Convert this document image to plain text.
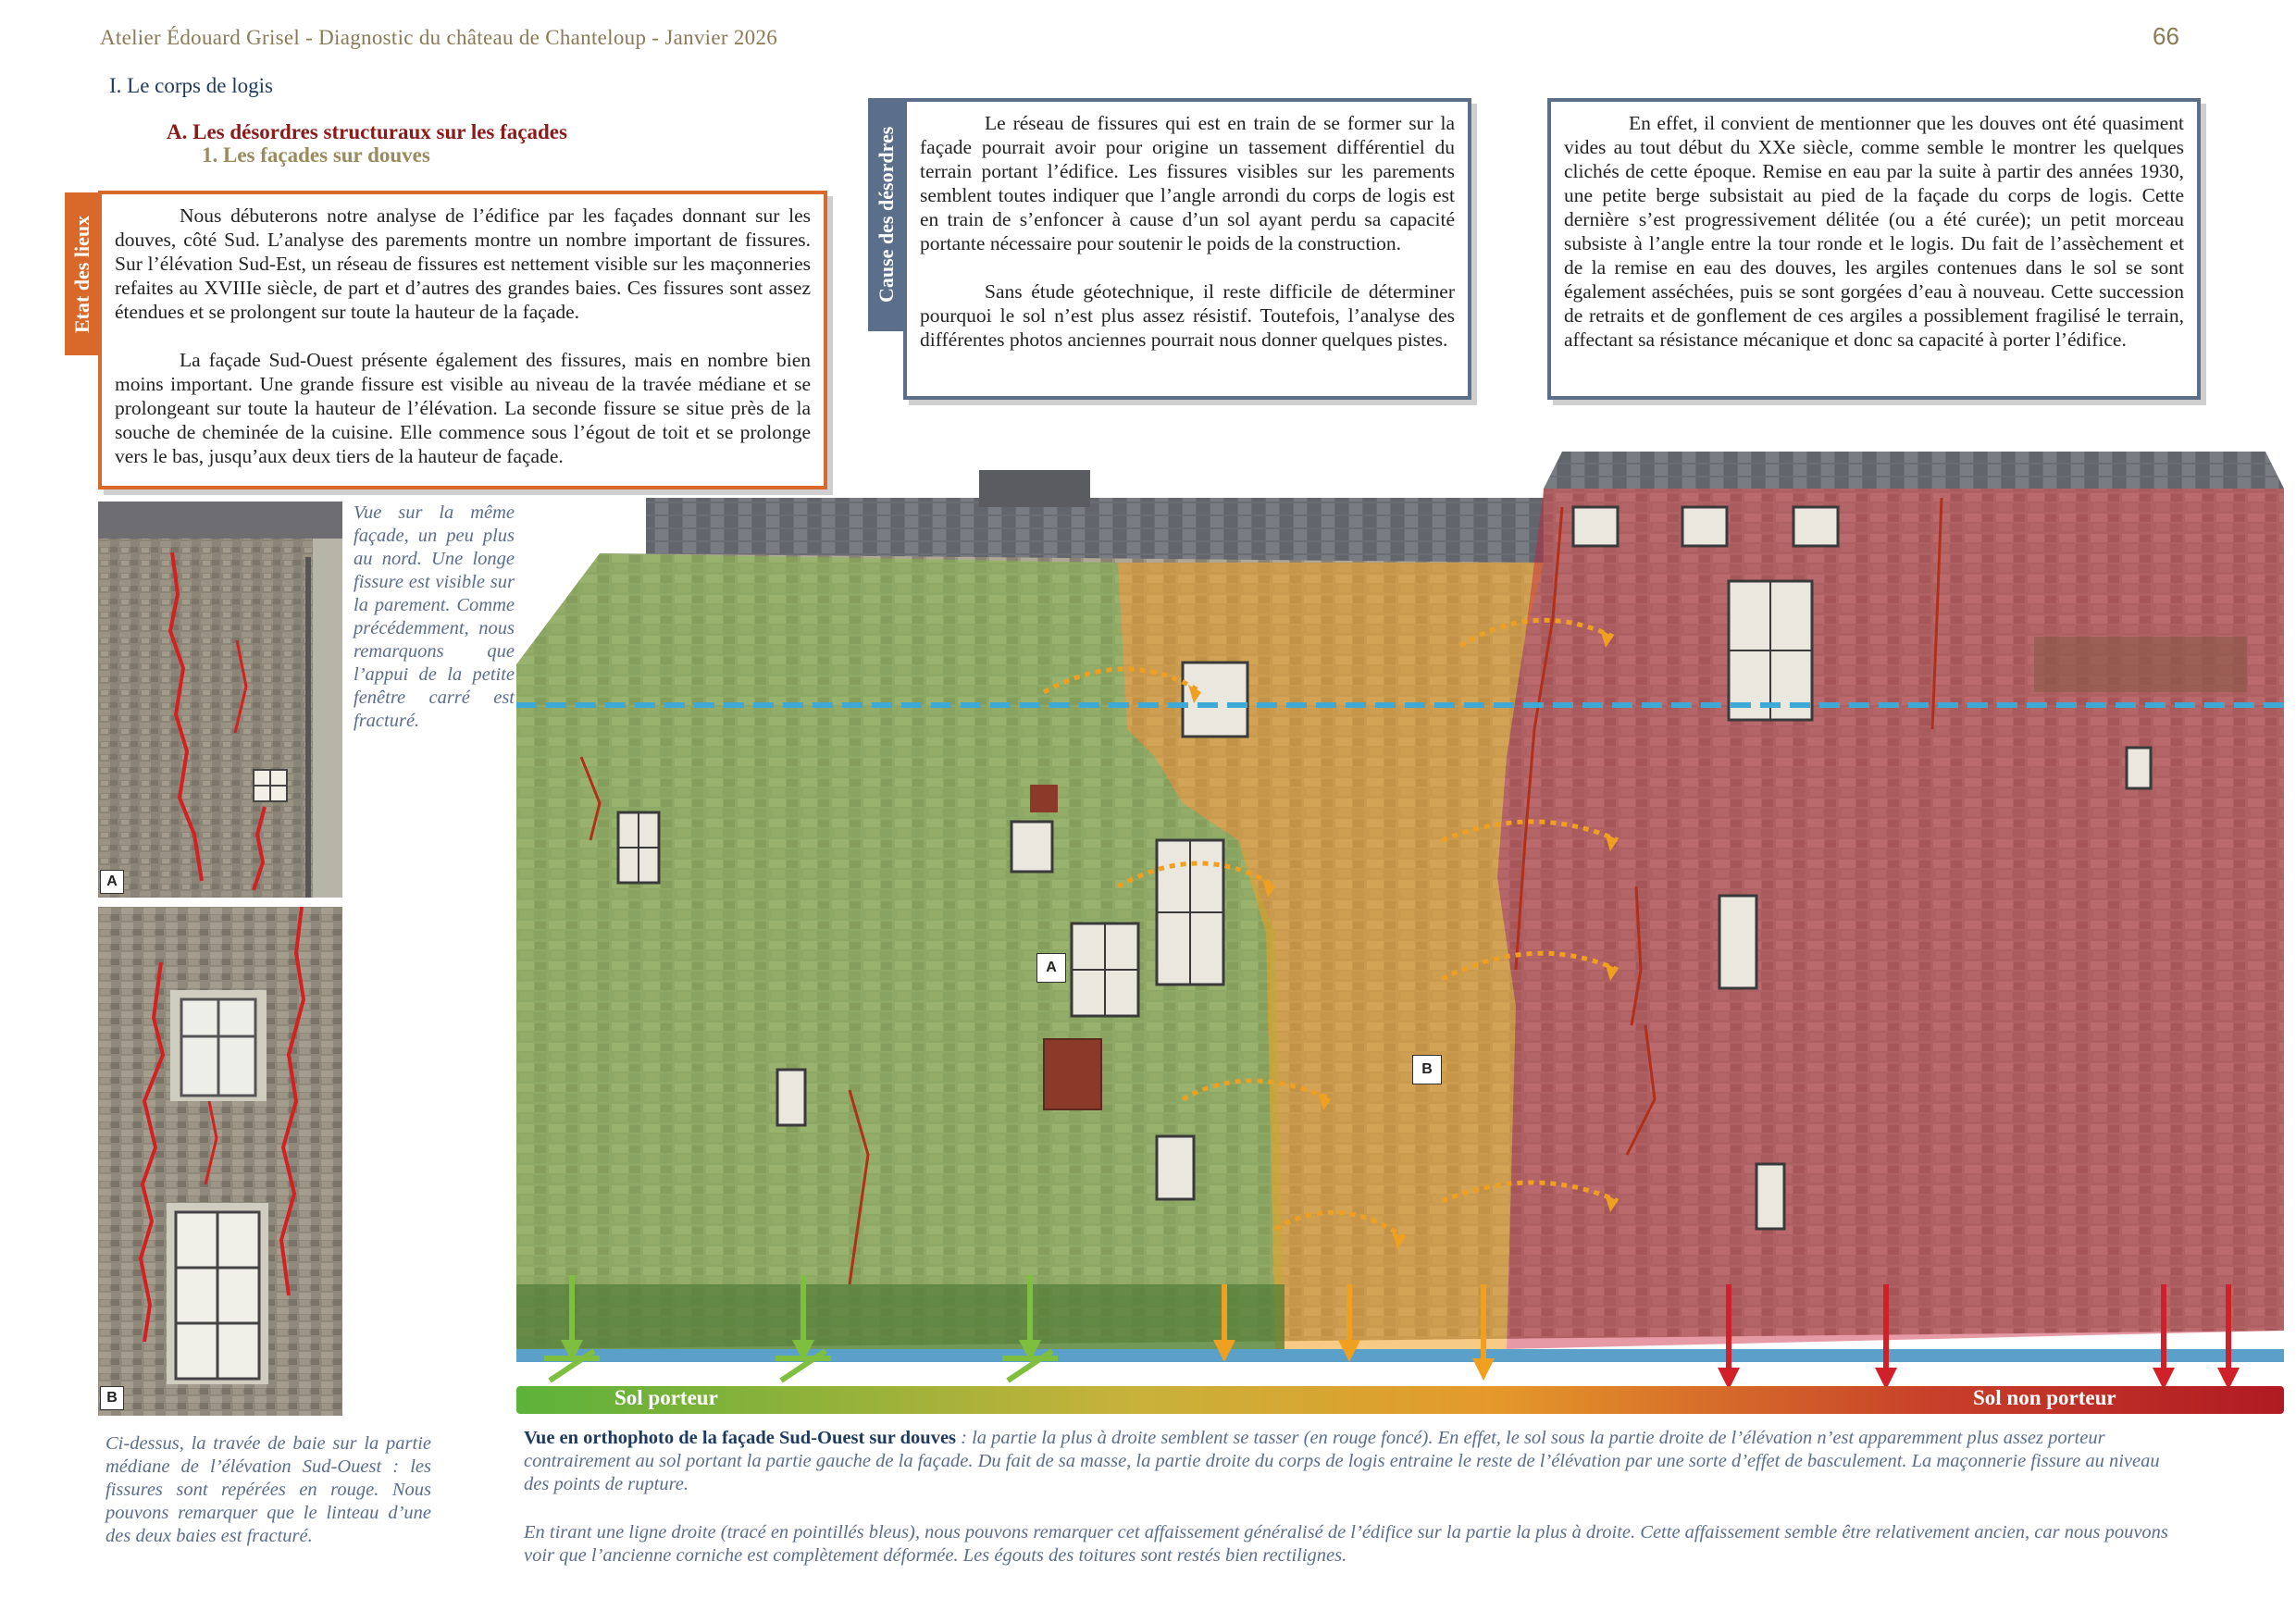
Atelier Édouard Grisel - Diagnostic du château de Chanteloup - Janvier 2026	66
I. Le corps de logis
A. Les désordres structuraux sur les façades
1. Les façades sur douves
Etat des lieux	Nous débuterons notre analyse de l’édifice par les façades donnant sur les douves, côté Sud. L’analyse des parements montre un nombre important de fissures. Sur l’élévation Sud-Est, un réseau de fissures est nettement visible sur les maçonneries refaites au XVIIIe siècle, de part et d’autres des grandes baies. Ces fissures sont assez étendues et se prolongent sur toute la hauteur de la façade.

La façade Sud-Ouest présente également des fissures, mais en nombre bien moins important. Une grande fissure est visible au niveau de la travée médiane et se prolongeant sur toute la hauteur de l’élévation. La seconde fissure se situe près de la souche de cheminée de la cuisine. Elle commence sous l’égout de toit et se prolonge vers le bas, jusqu’aux deux tiers de la hauteur de façade.

Cause des désordres

Le réseau de fissures qui est en train de se former sur la façade pourrait avoir pour origine un tassement différentiel du terrain portant l’édifice. Les fissures visibles sur les parements semblent toutes indiquer que l’angle arrondi du corps de logis est en train de s’enfoncer à cause d’un sol ayant perdu sa capacité portante nécessaire pour soutenir le poids de la construction.

Sans étude géotechnique, il reste difficile de déterminer pourquoi le sol n’est plus assez résistif. Toutefois, l’analyse des différentes photos anciennes pourrait nous donner quelques pistes.

En effet, il convient de mentionner que les douves ont été quasiment vides au tout début du XXe siècle, comme semble le montrer les quelques clichés de cette époque. Remise en eau par la suite à partir des années 1930, une petite berge subsistait au pied de la façade du corps de logis. Cette dernière s’est progressivement délitée (ou a été curée); un petit morceau subsiste à l’angle entre la tour ronde et le logis. Du fait de l’assèchement et de la remise en eau des douves, les argiles contenues dans le sol se sont également asséchées, puis se sont gorgées d’eau à nouveau. Cette succession de retraits et de gonflement de ces argiles a possiblement fragilisé le terrain, affectant sa résistance mécanique et donc sa capacité à porter l’édifice.

A
Vue sur la même façade, un peu plus au nord. Une longe fissure est visible sur la parement. Comme précédemment, nous remarquons que l’appui de la petite fenêtre carré est fracturé.
B
Ci-dessus, la travée de baie sur la partie médiane de l’élévation Sud-Ouest : les fissures sont repérées en rouge. Nous pouvons remarquer que le linteau d’une des deux baies est fracturé.
A
B
Sol porteur	Sol non porteur
Vue en orthophoto de la façade Sud-Ouest sur douves : la partie la plus à droite semblent se tasser (en rouge foncé). En effet, le sol sous la partie droite de l’élévation n’est apparemment plus assez porteur contrairement au sol portant la partie gauche de la façade. Du fait de sa masse, la partie droite du corps de logis entraine le reste de l’élévation par une sorte d’effet de basculement. La maçonnerie fissure au niveau des points de rupture.
En tirant une ligne droite (tracé en pointillés bleus), nous pouvons remarquer cet affaissement généralisé de l’édifice sur la partie la plus à droite. Cette affaissement semble être relativement ancien, car nous pouvons voir que l’ancienne corniche est complètement déformée. Les égouts des toitures sont restés bien rectilignes.
